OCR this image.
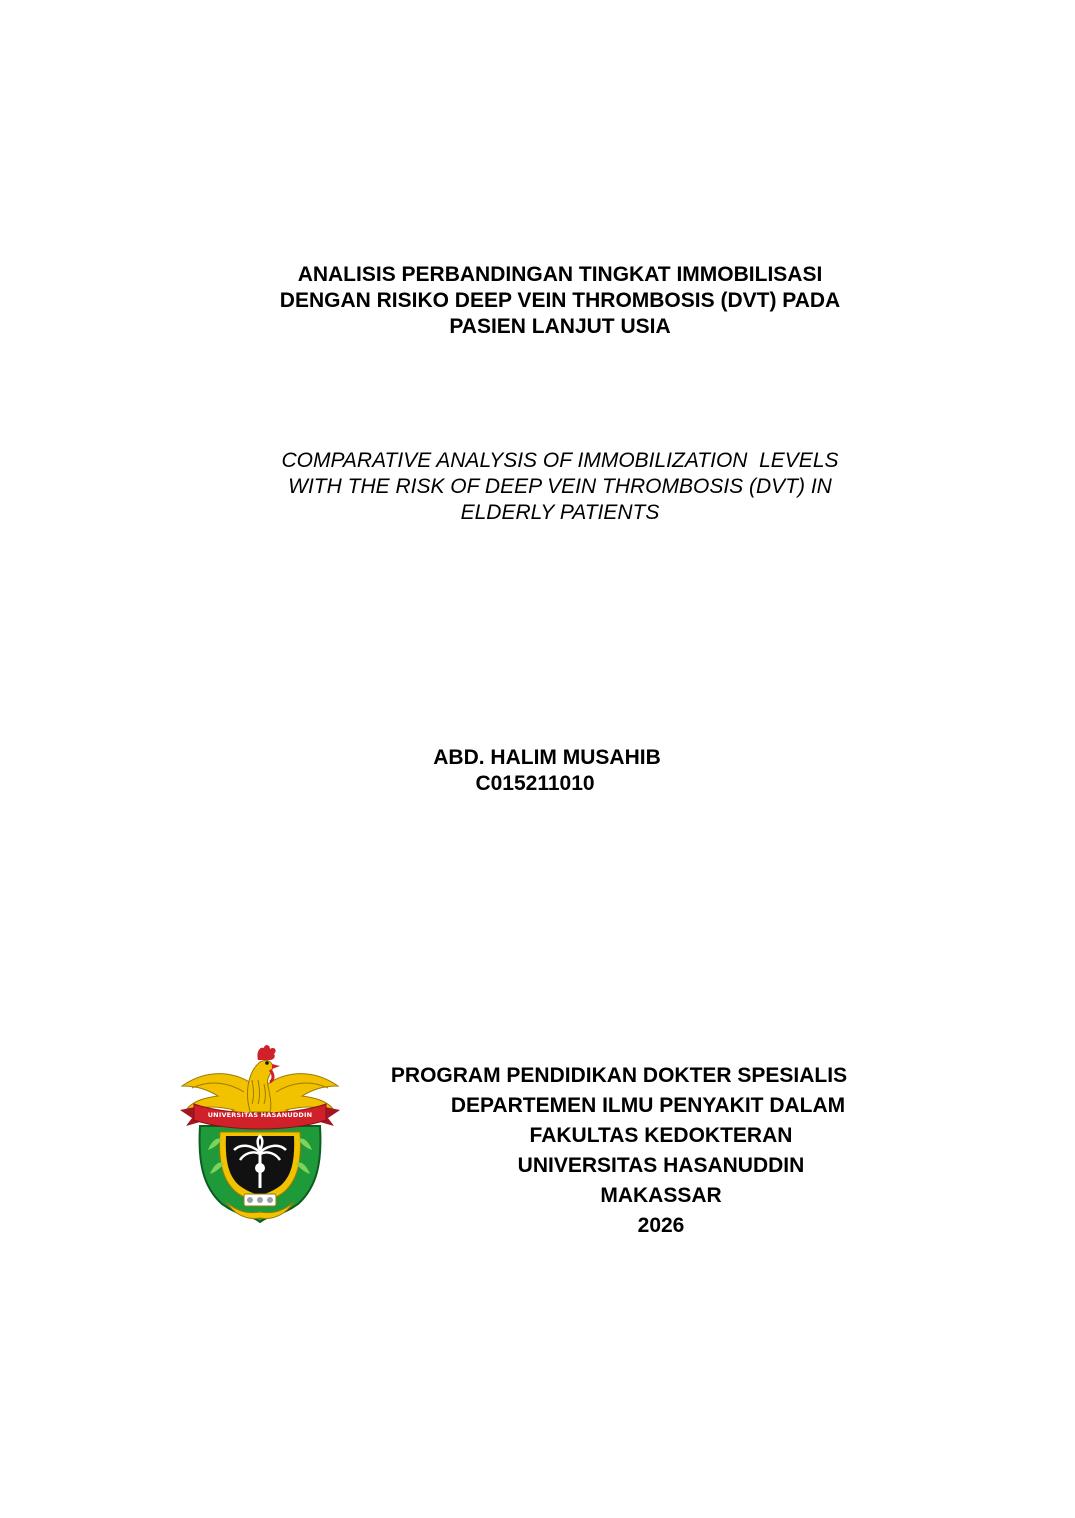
ANALISIS PERBANDINGAN TINGKAT IMMOBILISASI
DENGAN RISIKO DEEP VEIN THROMBOSIS (DVT) PADA
PASIEN LANJUT USIA
COMPARATIVE ANALYSIS OF IMMOBILIZATION  LEVELS
WITH THE RISK OF DEEP VEIN THROMBOSIS (DVT) IN
ELDERLY PATIENTS
ABD. HALIM MUSAHIB
C015211010
UNIVERSITAS HASANUDDIN
PROGRAM PENDIDIKAN DOKTER SPESIALIS
DEPARTEMEN ILMU PENYAKIT DALAM
FAKULTAS KEDOKTERAN
UNIVERSITAS HASANUDDIN
MAKASSAR
2026
